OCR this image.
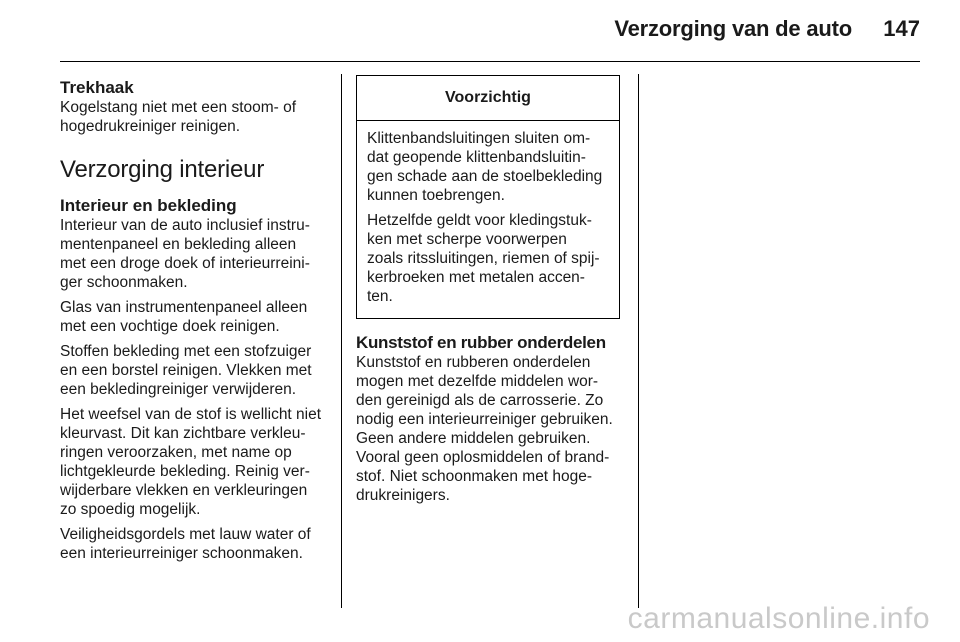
Verzorging van de auto 147
Trekhaak

Kogelstang niet met een stoom- of
hogedrukreiniger reinigen.

Verzorging interieur
Interieur en bekleding

Interieur van de auto inclusief instru-
mentenpaneel en bekleding alleen
met een droge doek of interieurreini-
ger schoonmaken.

Glas van instrumentenpaneel alleen
met een vochtige doek reinigen.

Stoffen bekleding met een stofzuiger
en een borstel reinigen. Vlekken met
een bekledingreiniger verwijderen.

Het weefsel van de stof is wellicht niet
kleurvast. Dit kan zichtbare verkleu-
ringen veroorzaken, met name op
lichtgekleurde bekleding. Reinig ver-
wijderbare vlekken en verkleuringen
zo spoedig mogelijk.

Veiligheidsgordels met lauw water of
een interieurreiniger schoonmaken.

Voorzichtig

Klittenbandsluitingen sluiten om-
dat geopende klittenbandsluitin-
gen schade aan de stoelbekleding
kunnen toebrengen.

Hetzelfde geldt voor kledingstuk-
ken met scherpe voorwerpen
zoals ritssluitingen, riemen of spij-
kerbroeken met metalen accen-
ten.

Kunststof en rubber onderdelen

Kunststof en rubberen onderdelen
mogen met dezelfde middelen wor-
den gereinigd als de carrosserie. Zo
nodig een interieurreiniger gebruiken.
Geen andere middelen gebruiken.
Vooral geen oplosmiddelen of brand-
stof. Niet schoonmaken met hoge-
drukreinigers.

carmanualsonline.info
